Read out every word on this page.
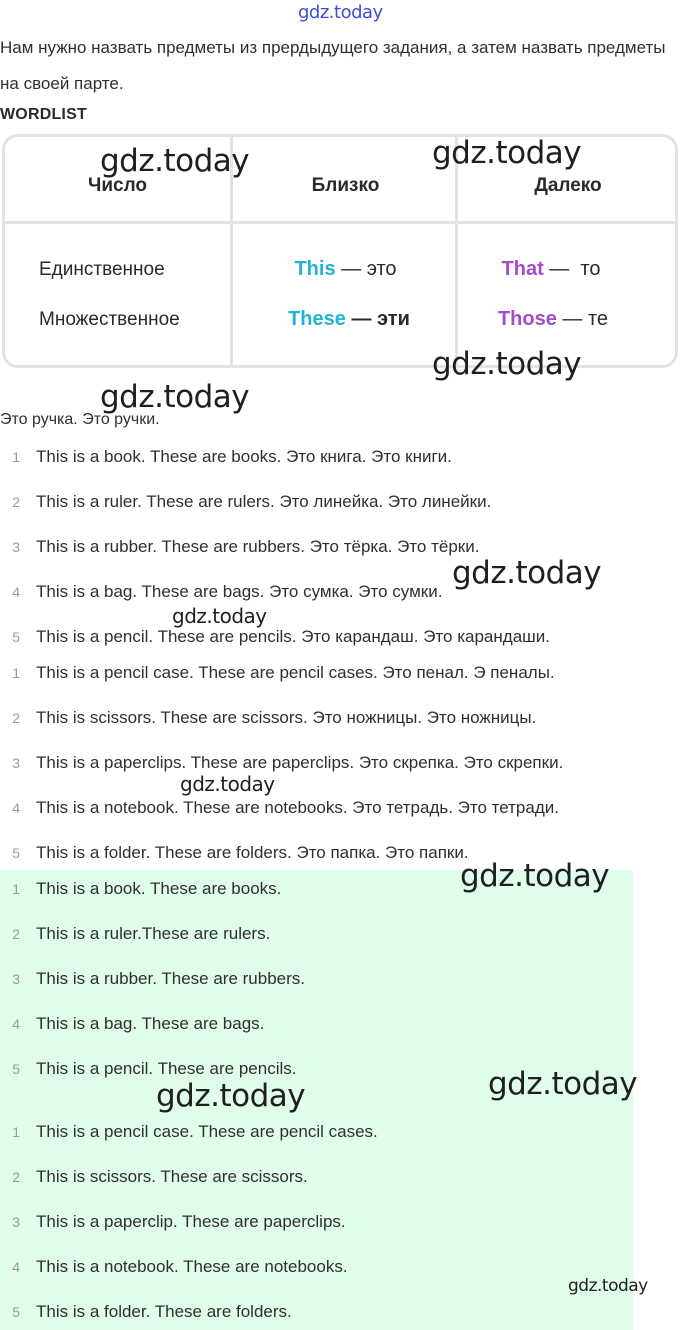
gdz.today
Нам нужно назвать предметы из прердыдущего задания, а затем назвать предметы на своей парте.
WORDLIST
Число	Близко	Далеко
Единственное	This — это	That —  то
Множественное	These — эти	Those — те
Это ручка. Это ручки.
1 This is a book. These are books. Это книга. Это книги.
2 This is a ruler. These are rulers. Это линейка. Это линейки.
3 This is a rubber. These are rubbers. Это тёрка. Это тёрки.
4 This is a bag. These are bags. Это сумка. Это сумки.
5 This is a pencil. These are pencils. Это карандаш. Это карандаши.
1 This is a pencil case. These are pencil cases. Это пенал. Э пеналы.
2 This is scissors. These are scissors. Это ножницы. Это ножницы.
3 This is a paperclips. These are paperclips. Это скрепка. Это скрепки.
4 This is a notebook. These are notebooks. Это тетрадь. Это тетради.
5 This is a folder. These are folders. Это папка. Это папки.
1 This is a book. These are books.
2 This is a ruler.These are rulers.
3 This is a rubber. These are rubbers.
4 This is a bag. These are bags.
5 This is a pencil. These are pencils.
1 This is a pencil case. These are pencil cases.
2 This is scissors. These are scissors.
3 This is a paperclip. These are paperclips.
4 This is a notebook. These are notebooks.
5 This is a folder. These are folders.
gdz.today	gdz.today
gdz.today
gdz.today
gdz.today
gdz.today
gdz.today
gdz.today
gdz.today
gdz.today
gdz.today
